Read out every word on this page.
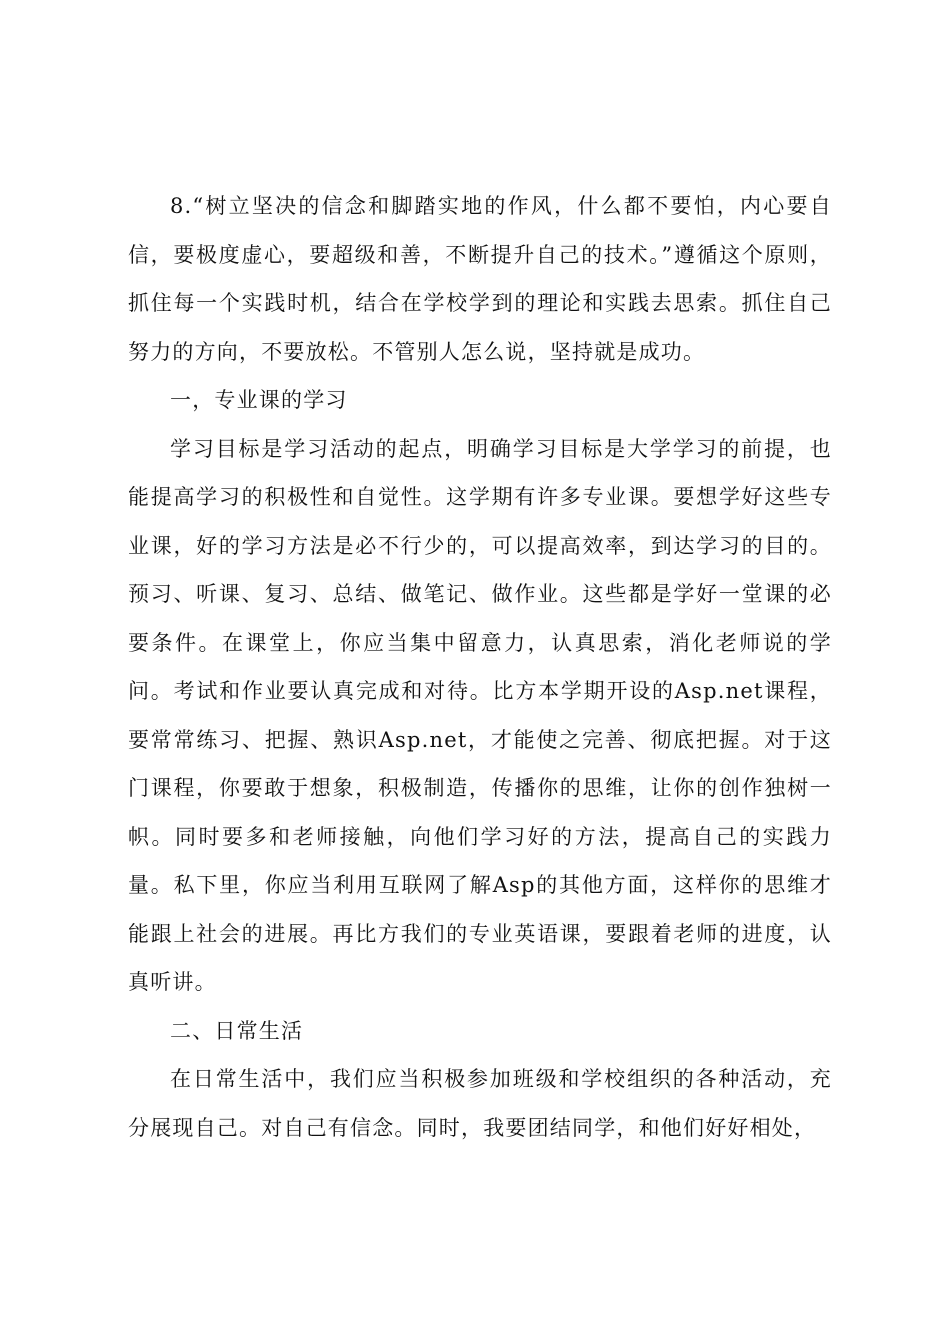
8.“树立坚决的信念和脚踏实地的作风，什么都不要怕，内心要自信，要极度虚心，要超级和善，不断提升自己的技术。”遵循这个原则，抓住每一个实践时机，结合在学校学到的理论和实践去思索。抓住自己努力的方向，不要放松。不管别人怎么说，坚持就是成功。

一，专业课的学习

学习目标是学习活动的起点，明确学习目标是大学学习的前提，也能提高学习的积极性和自觉性。这学期有许多专业课。要想学好这些专业课，好的学习方法是必不行少的，可以提高效率，到达学习的目的。预习、听课、复习、总结、做笔记、做作业。这些都是学好一堂课的必要条件。在课堂上，你应当集中留意力，认真思索，消化老师说的学问。考试和作业要认真完成和对待。比方本学期开设的Asp.net课程，要常常练习、把握、熟识Asp.net，才能使之完善、彻底把握。对于这门课程，你要敢于想象，积极制造，传播你的思维，让你的创作独树一帜。同时要多和老师接触，向他们学习好的方法，提高自己的实践力量。私下里，你应当利用互联网了解Asp的其他方面，这样你的思维才能跟上社会的进展。再比方我们的专业英语课，要跟着老师的进度，认真听讲。

二、日常生活

在日常生活中，我们应当积极参加班级和学校组织的各种活动，充分展现自己。对自己有信念。同时，我要团结同学，和他们好好相处，
